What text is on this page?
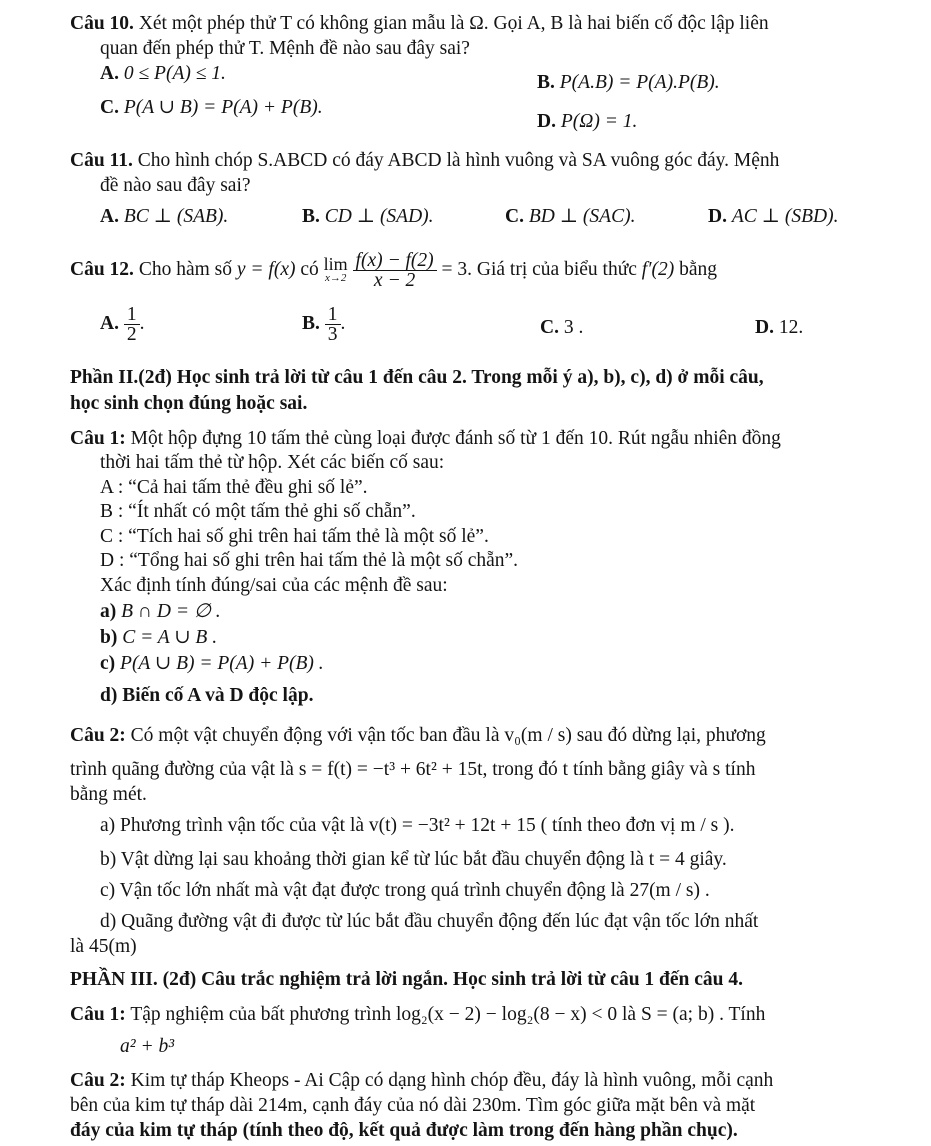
Câu 10. Xét một phép thử T có không gian mẫu là Ω. Gọi A, B là hai biến cố độc lập liên
quan đến phép thử T. Mệnh đề nào sau đây sai?
A. 0 ≤ P(A) ≤ 1.	B. P(A.B) = P(A).P(B).
C. P(A ∪ B) = P(A) + P(B).
D. P(Ω) = 1.
Câu 11. Cho hình chóp S.ABCD có đáy ABCD là hình vuông và SA vuông góc đáy. Mệnh
đề nào sau đây sai?
A. BC ⊥ (SAB).	B. CD ⊥ (SAD).	C. BD ⊥ (SAC).	D. AC ⊥ (SBD).
Câu 12. Cho hàm số y = f(x) có lim
x→2
$\frac{f(x) - f(2)}{x - 2} = 3$. Giá trị của biểu thức f′(2) bằng
A. $\frac{1}{2}$ .	B. $\frac{1}{3}$ .	C. 3 .	D. 12.
Phần II.(2đ) Học sinh trả lời từ câu 1 đến câu 2. Trong mỗi ý a), b), c), d) ở mỗi câu,
học sinh chọn đúng hoặc sai.
Câu 1: Một hộp đựng 10 tấm thẻ cùng loại được đánh số từ 1 đến 10. Rút ngẫu nhiên đồng
thời hai tấm thẻ từ hộp. Xét các biến cố sau:
A : “Cả hai tấm thẻ đều ghi số lẻ”.
B : “Ít nhất có một tấm thẻ ghi số chẵn”.
C : “Tích hai số ghi trên hai tấm thẻ là một số lẻ”.
D : “Tổng hai số ghi trên hai tấm thẻ là một số chẵn”.
Xác định tính đúng/sai của các mệnh đề sau:
a) B ∩ D = ∅ .
b) C = A ∪ B .
c) P(A ∪ B) = P(A) + P(B) .
d) Biến cố A và D độc lập.
Câu 2: Có một vật chuyển động với vận tốc ban đầu là v₀(m / s) sau đó dừng lại, phương
trình quãng đường của vật là s = f(t) = −t³ + 6t² + 15t, trong đó t tính bằng giây và s tính
bằng mét.
a) Phương trình vận tốc của vật là v(t) = −3t² + 12t + 15 ( tính theo đơn vị m / s ).
b) Vật dừng lại sau khoảng thời gian kể từ lúc bắt đầu chuyển động là t = 4 giây.
c) Vận tốc lớn nhất mà vật đạt được trong quá trình chuyển động là 27(m / s) .
d) Quãng đường vật đi được từ lúc bắt đầu chuyển động đến lúc đạt vận tốc lớn nhất
là 45(m)
PHẦN III. (2đ) Câu trắc nghiệm trả lời ngắn. Học sinh trả lời từ câu 1 đến câu 4.
Câu 1: Tập nghiệm của bất phương trình log₂(x − 2) − log₂(8 − x) < 0 là S = (a; b) . Tính
a² + b³
Câu 2: Kim tự tháp Kheops - Ai Cập có dạng hình chóp đều, đáy là hình vuông, mỗi cạnh
bên của kim tự tháp dài 214m, cạnh đáy của nó dài 230m. Tìm góc giữa mặt bên và mặt
đáy của kim tự tháp (tính theo độ, kết quả được làm trong đến hàng phần chục).
